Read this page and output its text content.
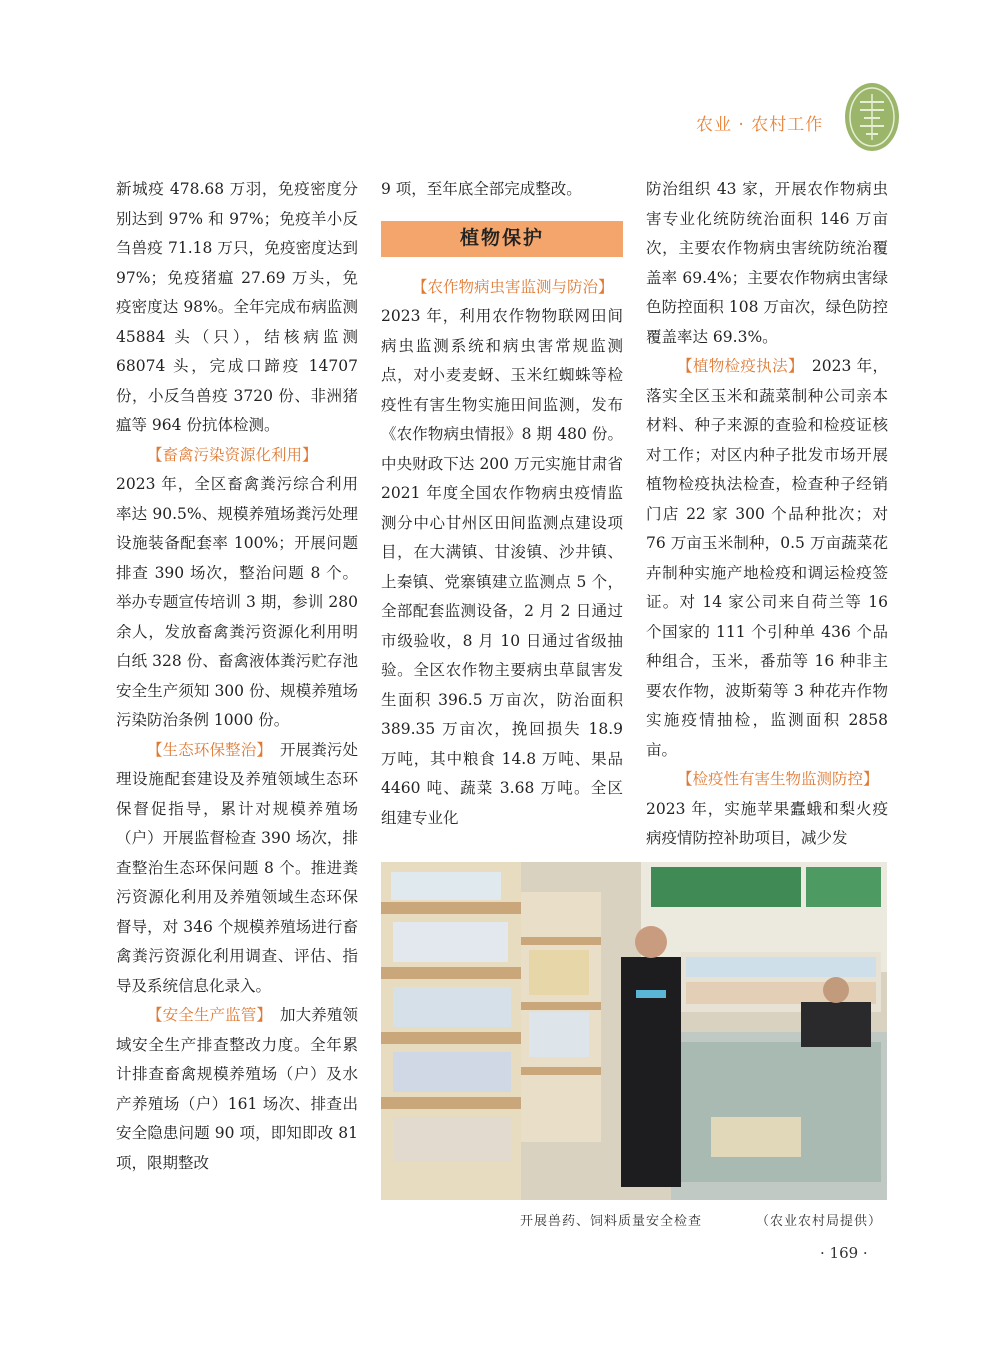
农业 · 农村工作

新城疫 478.68 万羽，免疫密度分别达到 97% 和 97%；免疫羊小反刍兽疫 71.18 万只，免疫密度达到 97%；免疫猪瘟 27.69 万头，免疫密度达 98%。全年完成布病监测 45884 头（只），结核病监测 68074 头，完成口蹄疫 14707 份，小反刍兽疫 3720 份、非洲猪瘟等 964 份抗体检测。

【畜禽污染资源化利用】

2023 年，全区畜禽粪污综合利用率达 90.5%、规模养殖场粪污处理设施装备配套率 100%；开展问题排查 390 场次，整治问题 8 个。举办专题宣传培训 3 期，参训 280 余人，发放畜禽粪污资源化利用明白纸 328 份、畜禽液体粪污贮存池安全生产须知 300 份、规模养殖场污染防治条例 1000 份。

【生态环保整治】　 开展粪污处理设施配套建设及养殖领域生态环保督促指导，累计对规模养殖场（户）开展监督检查 390 场次，排查整治生态环保问题 8 个。推进粪污资源化利用及养殖领域生态环保督导，对 346 个规模养殖场进行畜禽粪污资源化利用调查、评估、指导及系统信息化录入。

【安全生产监管】　 加大养殖领域安全生产排查整改力度。全年累计排查畜禽规模养殖场（户）及水产养殖场（户）161 场次、排查出安全隐患问题 90 项，即知即改 81 项，限期整改

9 项，至年底全部完成整改。

植物保护

【农作物病虫害监测与防治】

2023 年，利用农作物物联网田间病虫监测系统和病虫害常规监测点，对小麦麦蚜、玉米红蜘蛛等检疫性有害生物实施田间监测，发布《农作物病虫情报》8 期 480 份。中央财政下达 200 万元实施甘肃省 2021 年度全国农作物病虫疫情监测分中心甘州区田间监测点建设项目，在大满镇、甘浚镇、沙井镇、上秦镇、党寨镇建立监测点 5 个，全部配套监测设备，2 月 2 日通过市级验收，8 月 10 日通过省级抽验。全区农作物主要病虫草鼠害发生面积 396.5 万亩次，防治面积 389.35 万亩次，挽回损失 18.9 万吨，其中粮食 14.8 万吨、果品 4460 吨、蔬菜 3.68 万吨。全区组建专业化

防治组织 43 家，开展农作物病虫害专业化统防统治面积 146 万亩次，主要农作物病虫害统防统治覆盖率 69.4%；主要农作物病虫害绿色防控面积 108 万亩次，绿色防控覆盖率达 69.3%。

【植物检疫执法】　 2023 年，落实全区玉米和蔬菜制种公司亲本材料、种子来源的查验和检疫证核对工作；对区内种子批发市场开展植物检疫执法检查，检查种子经销门店 22 家 300 个品种批次；对 76 万亩玉米制种，0.5 万亩蔬菜花卉制种实施产地检疫和调运检疫签证。对 14 家公司来自荷兰等 16 个国家的 111 个引种单 436 个品种组合，玉米，番茄等 16 种非主要农作物，波斯菊等 3 种花卉作物实施疫情抽检，监测面积 2858 亩。

【检疫性有害生物监测防控】

2023 年，实施苹果蠹蛾和梨火疫病疫情防控补助项目，减少发

开展兽药、饲料质量安全检查	（农业农村局提供）
· 169 ·
